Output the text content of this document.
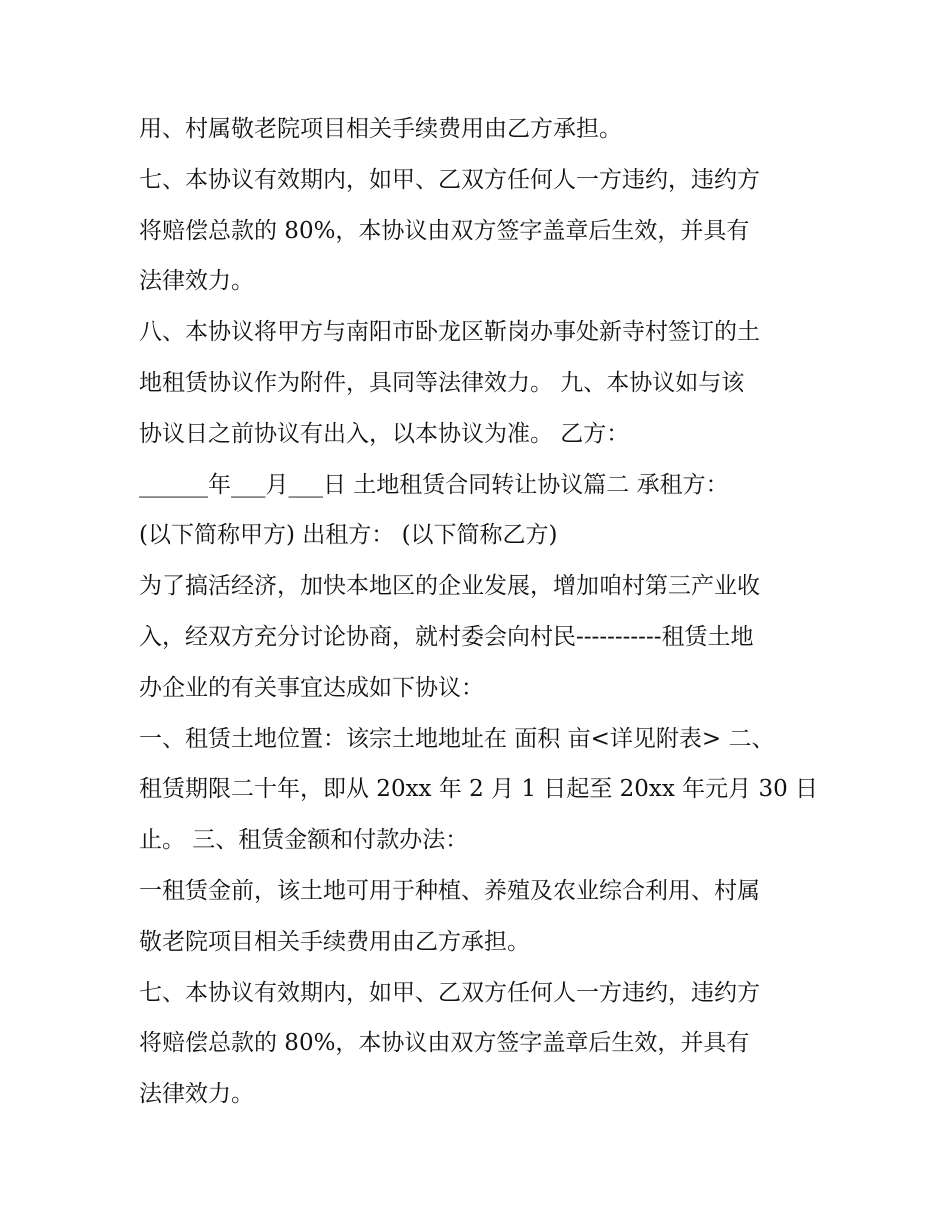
用、村属敬老院项目相关手续费用由乙方承担。
七、本协议有效期内，如甲、乙双方任何人一方违约，违约方
将赔偿总款的 80%，本协议由双方签字盖章后生效，并具有
法律效力。
八、本协议将甲方与南阳市卧龙区靳岗办事处新寺村签订的土
地租赁协议作为附件，具同等法律效力。 九、本协议如与该
协议日之前协议有出入，以本协议为准。 乙方：
______年___月___日 土地租赁合同转让协议篇二 承租方：
(以下简称甲方) 出租方： (以下简称乙方)
为了搞活经济，加快本地区的企业发展，增加咱村第三产业收
入，经双方充分讨论协商，就村委会向村民-----------租赁土地
办企业的有关事宜达成如下协议：
一、租赁土地位置：该宗土地地址在 面积 亩<详见附表> 二、
租赁期限二十年，即从 20xx 年 2 月 1 日起至 20xx 年元月 30 日
止。 三、租赁金额和付款办法：
一租赁金前，该土地可用于种植、养殖及农业综合利用、村属
敬老院项目相关手续费用由乙方承担。
七、本协议有效期内，如甲、乙双方任何人一方违约，违约方
将赔偿总款的 80%，本协议由双方签字盖章后生效，并具有
法律效力。
